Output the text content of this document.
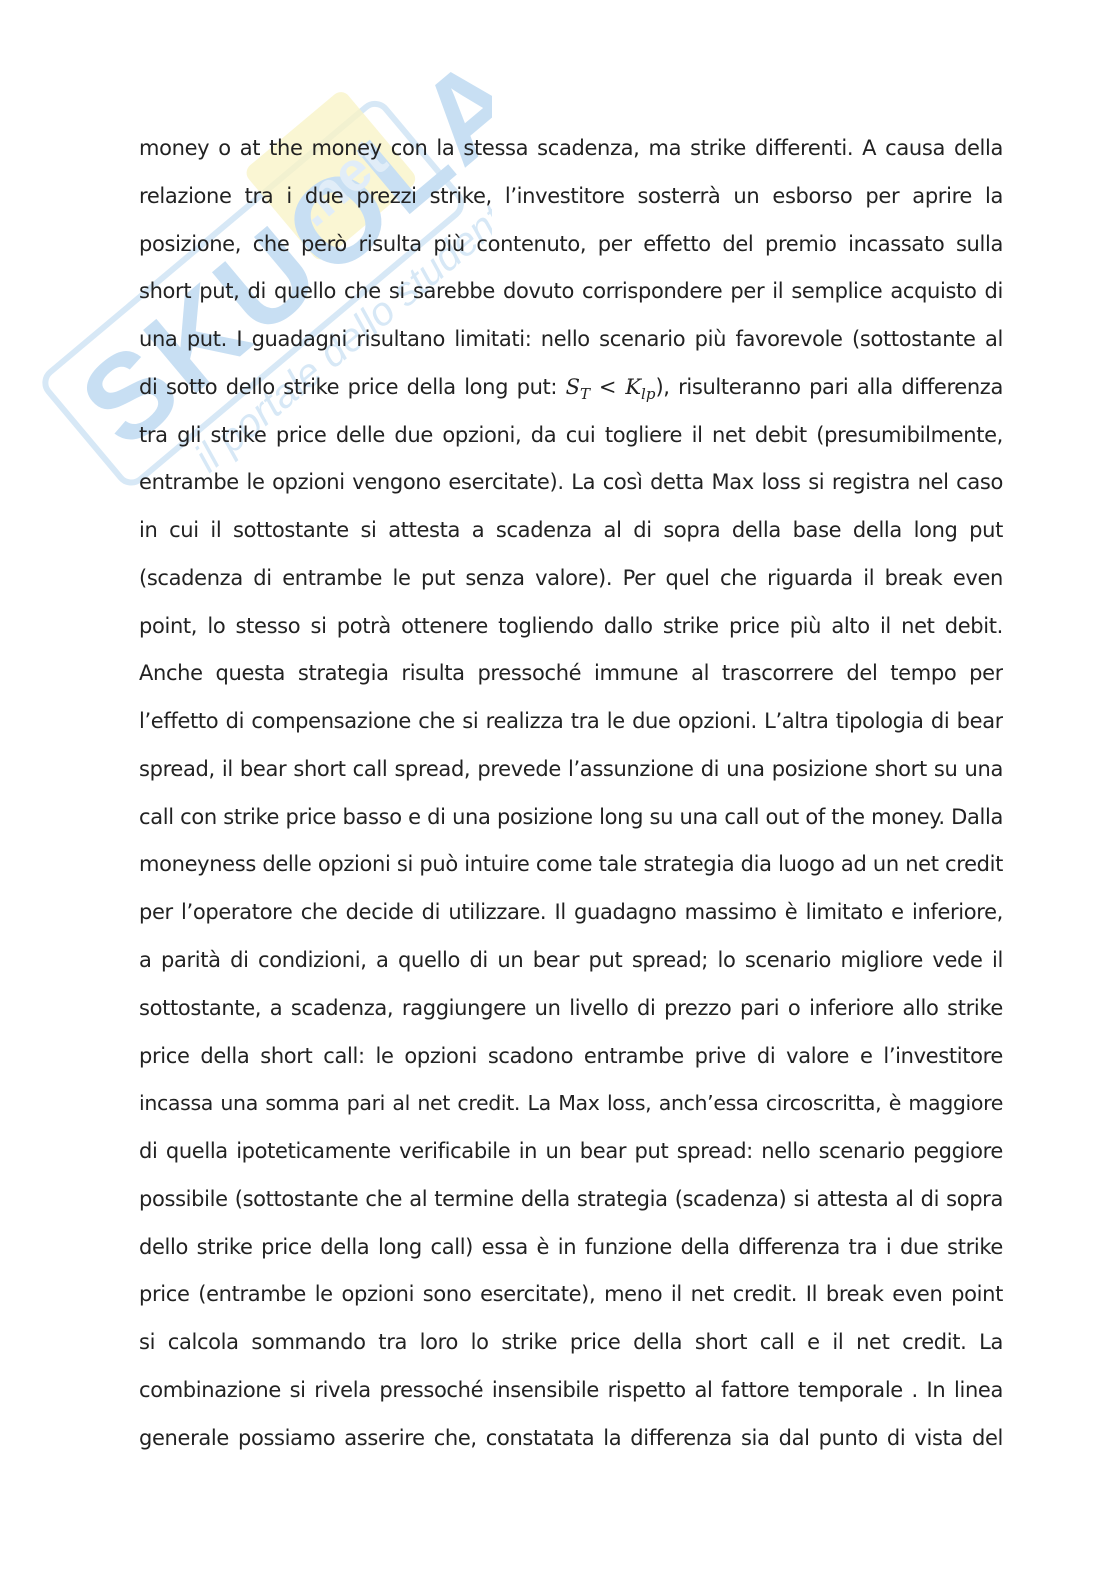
SKUOLA
.net
il portale dello studente
money o at the money con la stessa scadenza, ma strike differenti. A causa della
relazione tra i due prezzi strike, l’investitore sosterrà un esborso per aprire la
posizione, che però risulta più contenuto, per effetto del premio incassato sulla
short put, di quello che si sarebbe dovuto corrispondere per il semplice acquisto di
una put. I guadagni risultano limitati: nello scenario più favorevole (sottostante al
di sotto dello strike price della long put: $S_T < K_{lp}$), risulteranno pari alla differenza
tra gli strike price delle due opzioni, da cui togliere il net debit (presumibilmente,
entrambe le opzioni vengono esercitate). La così detta Max loss si registra nel caso
in cui il sottostante si attesta a scadenza al di sopra della base della long put
(scadenza di entrambe le put senza valore). Per quel che riguarda il break even
point, lo stesso si potrà ottenere togliendo dallo strike price più alto il net debit.
Anche questa strategia risulta pressoché immune al trascorrere del tempo per
l’effetto di compensazione che si realizza tra le due opzioni. L’altra tipologia di bear
spread, il bear short call spread, prevede l’assunzione di una posizione short su una
call con strike price basso e di una posizione long su una call out of the money. Dalla
moneyness delle opzioni si può intuire come tale strategia dia luogo ad un net credit
per l’operatore che decide di utilizzare. Il guadagno massimo è limitato e inferiore,
a parità di condizioni, a quello di un bear put spread; lo scenario migliore vede il
sottostante, a scadenza, raggiungere un livello di prezzo pari o inferiore allo strike
price della short call: le opzioni scadono entrambe prive di valore e l’investitore
incassa una somma pari al net credit. La Max loss, anch’essa circoscritta, è maggiore
di quella ipoteticamente verificabile in un bear put spread: nello scenario peggiore
possibile (sottostante che al termine della strategia (scadenza) si attesta al di sopra
dello strike price della long call) essa è in funzione della differenza tra i due strike
price (entrambe le opzioni sono esercitate), meno il net credit. Il break even point
si calcola sommando tra loro lo strike price della short call e il net credit. La
combinazione si rivela pressoché insensibile rispetto al fattore temporale . In linea
generale possiamo asserire che, constatata la differenza sia dal punto di vista del
